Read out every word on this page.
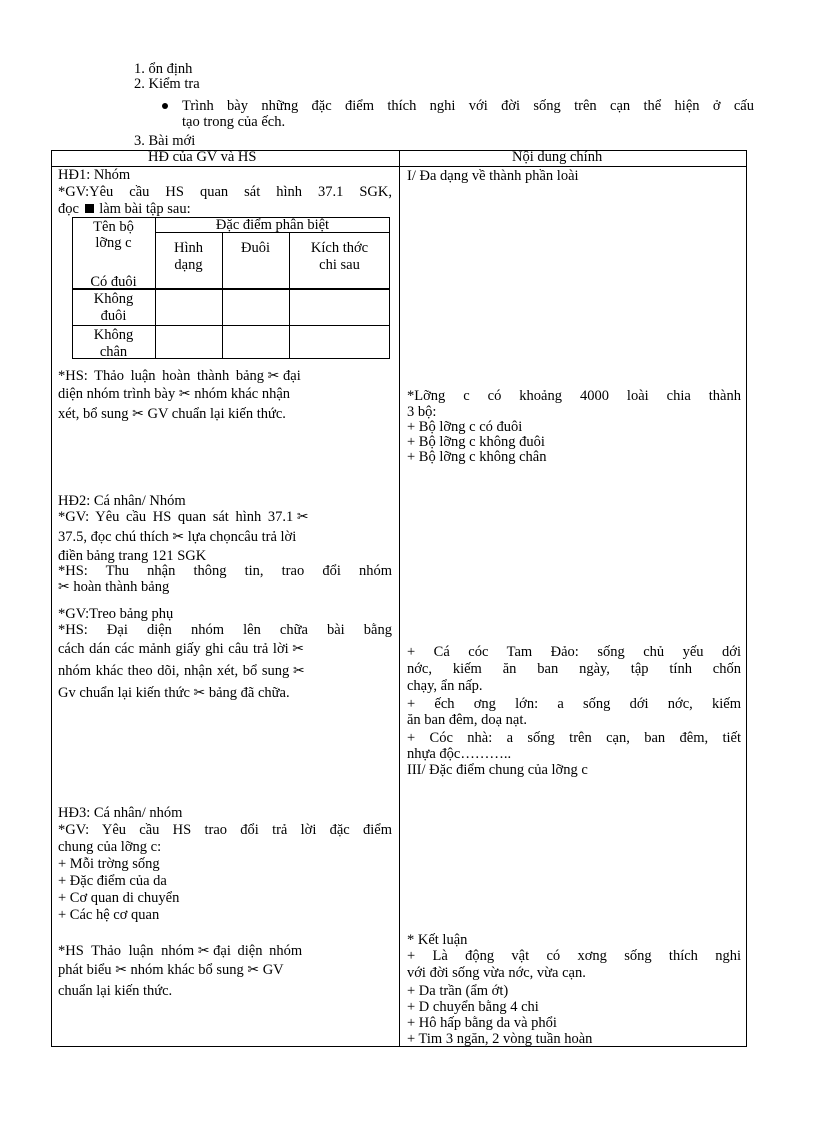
1. ổn định
2. Kiểm tra
Trình bày những đặc điểm thích nghi với đời sống trên cạn thể hiện ở cấu
tạo trong của ếch.
3. Bài mới
HĐ của GV và HS	Nội dung chính
HĐ1: Nhóm
*GV:Yêu cầu HS quan sát hình 37.1 SGK,
đọc làm bài tập sau:
Tên bộ
lỡng c
Đặc điểm phân biệt
Hình
dạng
Đuôi	Kích thớc
chi sau
Có đuôi
Không
đuôi
Không
chân
*HS: Thảo luận hoàn thành bảng ✂ đại
diện nhóm trình bày ✂ nhóm khác nhận
xét, bổ sung ✂ GV chuẩn lại kiến thức.
HĐ2: Cá nhân/ Nhóm
*GV: Yêu cầu HS quan sát hình 37.1 ✂
37.5, đọc chú thích ✂ lựa chọncâu trả lời
điền bảng trang 121 SGK
*HS: Thu nhận thông tin, trao đổi nhóm
✂ hoàn thành bảng
*GV:Treo bảng phụ
*HS: Đại diện nhóm lên chữa bài bằng
cách dán các mảnh giấy ghi câu trả lời ✂
nhóm khác theo dõi, nhận xét, bổ sung ✂
Gv chuẩn lại kiến thức ✂ bảng đã chữa.
HĐ3: Cá nhân/ nhóm
*GV: Yêu cầu HS trao đổi trả lời đặc điểm
chung của lỡng c:
+ Mỗi trờng sống
+ Đặc điểm của da
+ Cơ quan di chuyển
+ Các hệ cơ quan
*HS Thảo luận nhóm ✂ đại diện nhóm
phát biểu ✂ nhóm khác bổ sung ✂ GV
chuẩn lại kiến thức.
I/ Đa dạng về thành phần loài
*Lỡng c có khoảng 4000 loài chia thành
3 bộ:
+ Bộ lỡng c có đuôi
+ Bộ lỡng c không đuôi
+ Bộ lỡng c không chân
+ Cá cóc Tam Đảo: sống chủ yếu dới
nớc, kiếm ăn ban ngày, tập tính chốn
chạy, ẩn nấp.
+ ếch ơng lớn: a sống dới nớc, kiếm
ăn ban đêm, doạ nạt.
+ Cóc nhà: a sống trên cạn, ban đêm, tiết
nhựa độc………..
III/ Đặc điểm chung của lỡng c
* Kết luận
+ Là động vật có xơng sống thích nghi
với đời sống vừa nớc, vừa cạn.
+ Da trần (ẩm ớt)
+ D chuyển bằng 4 chi
+ Hô hấp bằng da và phổi
+ Tim 3 ngăn, 2 vòng tuần hoàn
